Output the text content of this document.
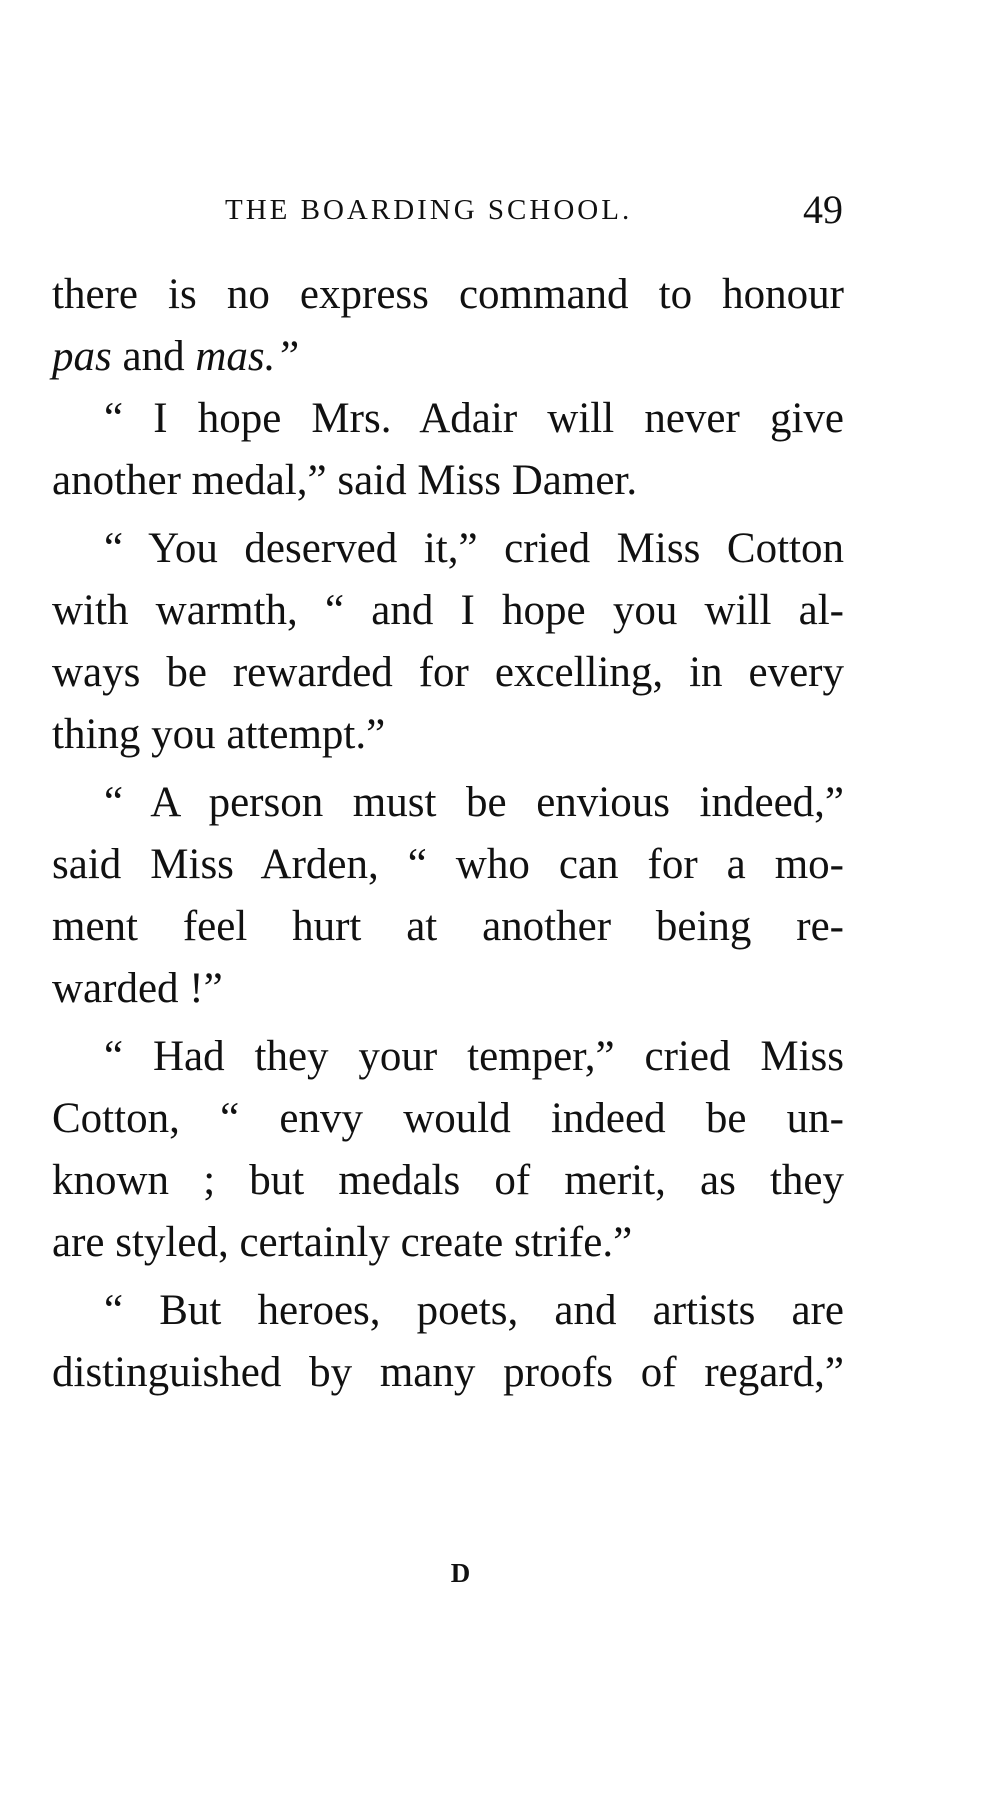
THE BOARDING SCHOOL.	49
there is no express command to honour
pas and mas.”
“ I hope Mrs. Adair will never give
another medal,” said Miss Damer.
“ You deserved it,” cried Miss Cotton
with warmth, “ and I hope you will al-
ways be rewarded for excelling, in every
thing you attempt.”
“ A person must be envious indeed,”
said Miss Arden, “ who can for a mo-
ment feel hurt at another being re-
warded !”
“ Had they your temper,” cried Miss
Cotton, “ envy would indeed be un-
known ; but medals of merit, as they
are styled, certainly create strife.”
“ But heroes, poets, and artists are
distinguished by many proofs of regard,”
D
